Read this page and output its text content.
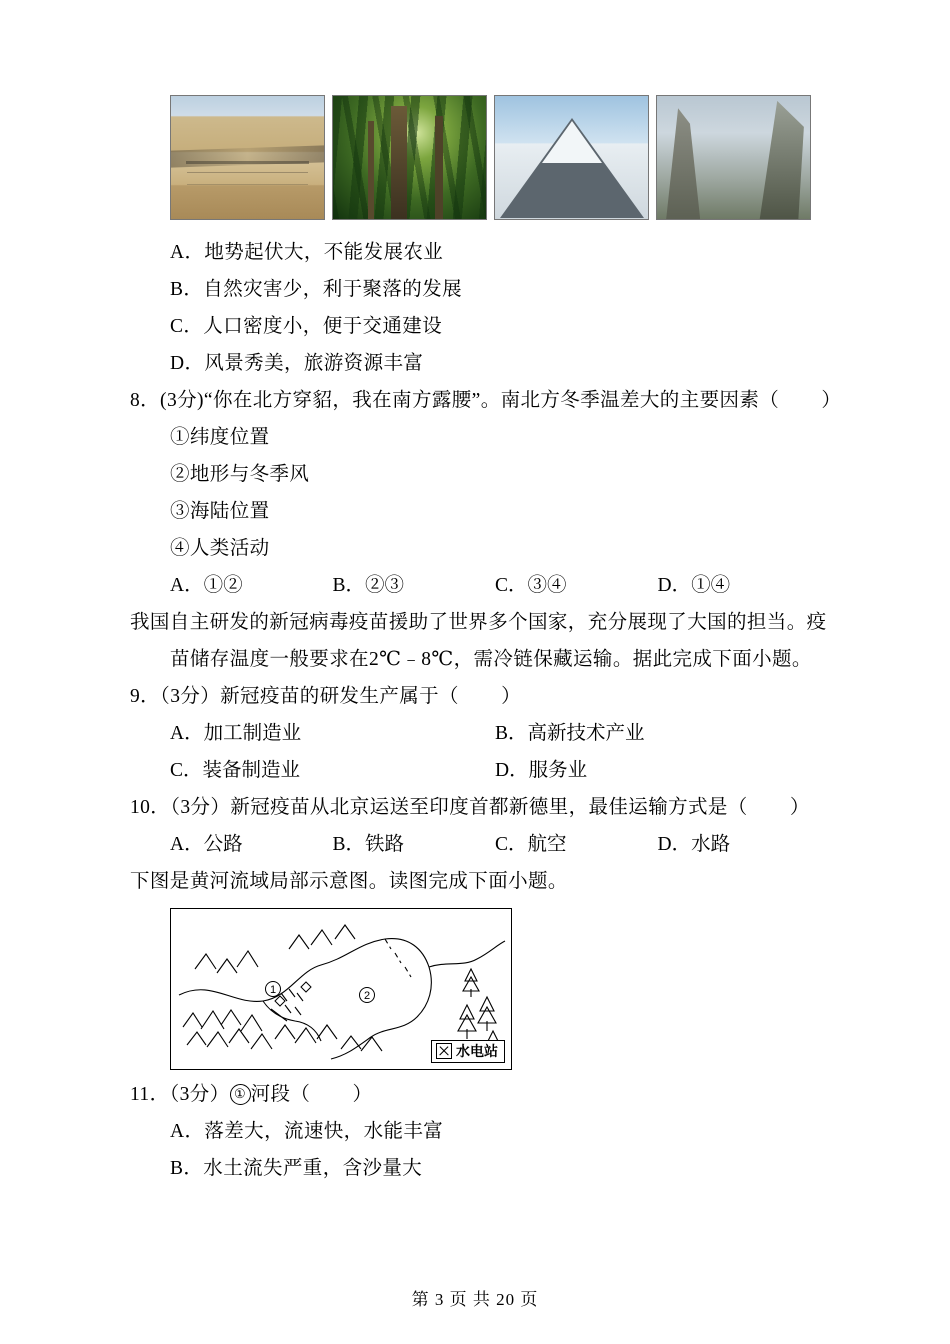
A．地势起伏大，不能发展农业
B．自然灾害少，利于聚落的发展
C．人口密度小，便于交通建设
D．风景秀美，旅游资源丰富
8．(3分)“你在北方穿貂，我在南方露腰”。南北方冬季温差大的主要因素（        ）
①纬度位置
②地形与冬季风
③海陆位置
④人类活动
A．①②	B．②③	C．③④	D．①④
我国自主研发的新冠病毒疫苗援助了世界多个国家，充分展现了大国的担当。疫
苗储存温度一般要求在2℃﹣8℃，需冷链保藏运输。据此完成下面小题。
9．（3分）新冠疫苗的研发生产属于（        ）
A．加工制造业	B．高新技术产业
C．装备制造业	D．服务业
10．（3分）新冠疫苗从北京运送至印度首都新德里，最佳运输方式是（        ）
A．公路	B．铁路	C．航空	D．水路
下图是黄河流域局部示意图。读图完成下面小题。
1	2
水电站
11．（3分） ① 河段（        ）
A．落差大，流速快，水能丰富
B．水土流失严重，含沙量大
第 3 页 共 20 页
